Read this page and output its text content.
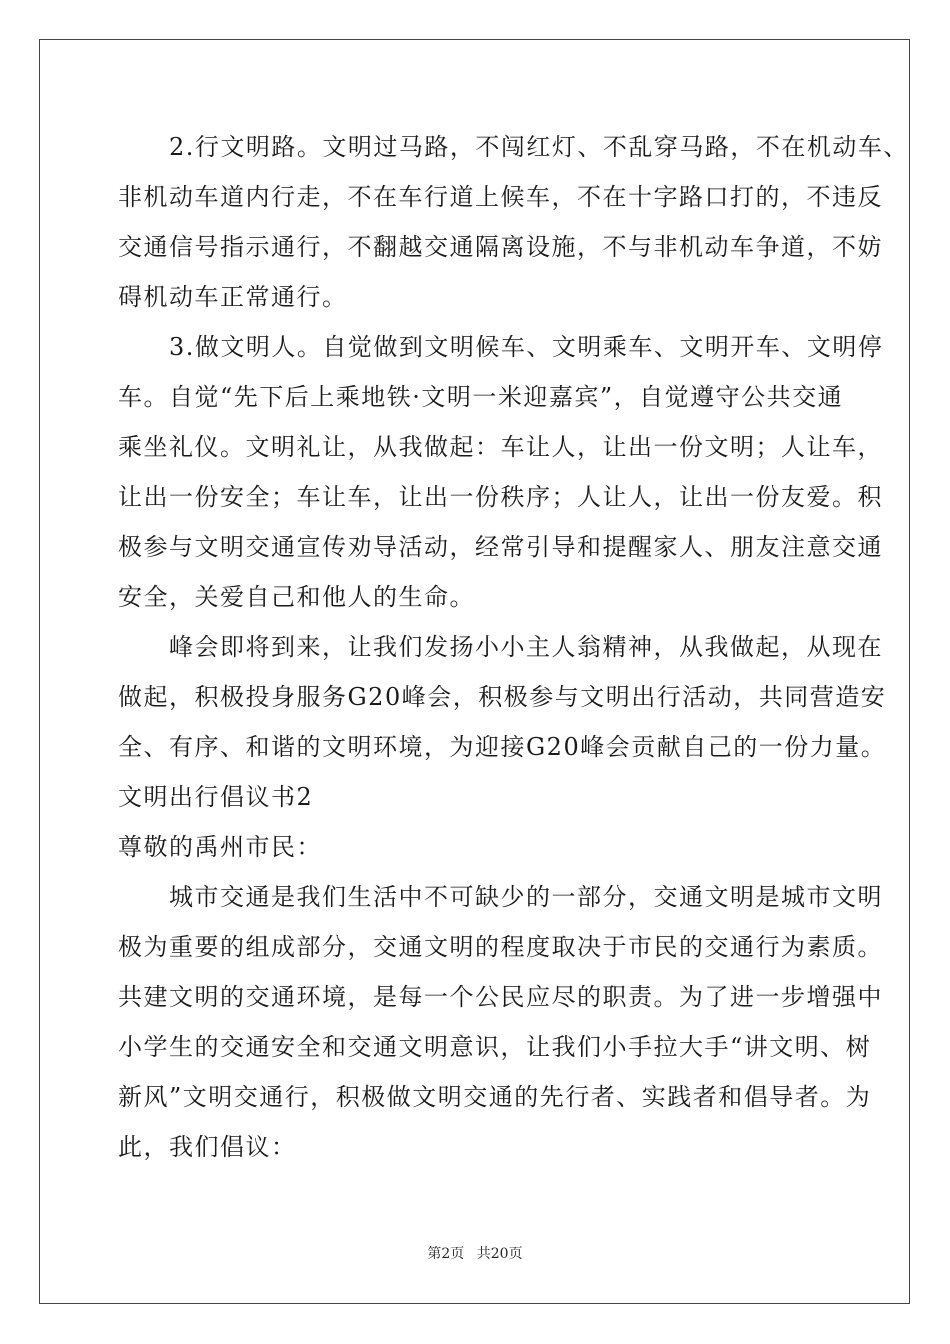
　　2.行文明路。文明过马路，不闯红灯、不乱穿马路，不在机动车、
非机动车道内行走，不在车行道上候车，不在十字路口打的，不违反
交通信号指示通行，不翻越交通隔离设施，不与非机动车争道，不妨
碍机动车正常通行。
　　3.做文明人。自觉做到文明候车、文明乘车、文明开车、文明停
车。自觉“先下后上乘地铁·文明一米迎嘉宾”，自觉遵守公共交通
乘坐礼仪。文明礼让，从我做起：车让人，让出一份文明；人让车，
让出一份安全；车让车，让出一份秩序；人让人，让出一份友爱。积
极参与文明交通宣传劝导活动，经常引导和提醒家人、朋友注意交通
安全，关爱自己和他人的生命。
　　峰会即将到来，让我们发扬小小主人翁精神，从我做起，从现在
做起，积极投身服务G20峰会，积极参与文明出行活动，共同营造安
全、有序、和谐的文明环境，为迎接G20峰会贡献自己的一份力量。
文明出行倡议书2
尊敬的禹州市民：
　　城市交通是我们生活中不可缺少的一部分，交通文明是城市文明
极为重要的组成部分，交通文明的程度取决于市民的交通行为素质。
共建文明的交通环境，是每一个公民应尽的职责。为了进一步增强中
小学生的交通安全和交通文明意识，让我们小手拉大手“讲文明、树
新风”文明交通行，积极做文明交通的先行者、实践者和倡导者。为
此，我们倡议：
第2页 共20页
